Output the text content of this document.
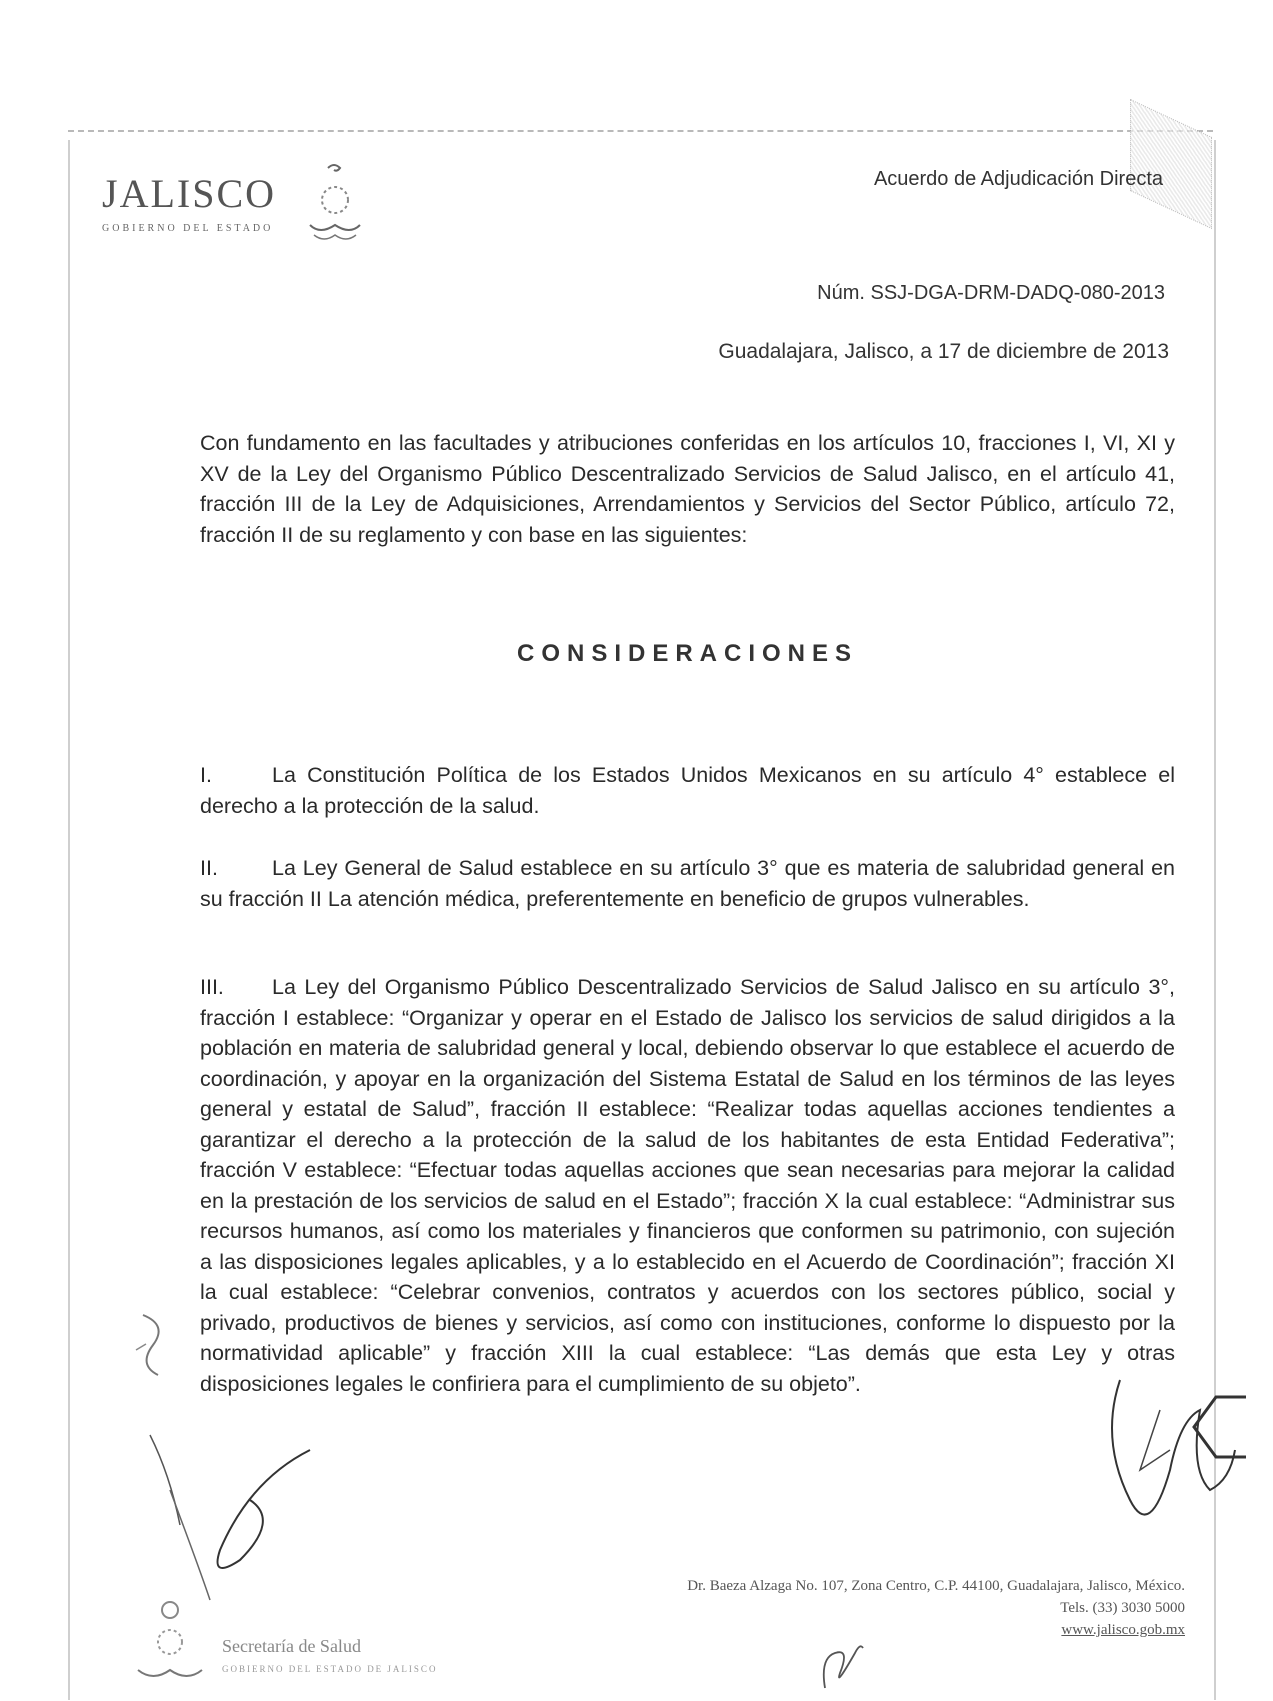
JALISCO
GOBIERNO DEL ESTADO
Acuerdo de Adjudicación Directa
Núm. SSJ-DGA-DRM-DADQ-080-2013
Guadalajara, Jalisco, a 17 de diciembre de 2013
Con fundamento en las facultades y atribuciones conferidas en los artículos 10, fracciones I, VI, XI y XV de la Ley del Organismo Público Descentralizado Servicios de Salud Jalisco, en el artículo 41, fracción III de la Ley de Adquisiciones, Arrendamientos y Servicios del Sector Público, artículo 72, fracción II de su reglamento y con base en las siguientes:
CONSIDERACIONES
I.	La Constitución Política de los Estados Unidos Mexicanos en su artículo 4° establece el derecho a la protección de la salud.
II.	La Ley General de Salud establece en su artículo 3° que es materia de salubridad general en su fracción II La atención médica, preferentemente en beneficio de grupos vulnerables.
III. La Ley del Organismo Público Descentralizado Servicios de Salud Jalisco en su artículo 3°, fracción I establece: “Organizar y operar en el Estado de Jalisco los servicios de salud dirigidos a la población en materia de salubridad general y local, debiendo observar lo que establece el acuerdo de coordinación, y apoyar en la organización del Sistema Estatal de Salud en los términos de las leyes general y estatal de Salud”, fracción II establece: “Realizar todas aquellas acciones tendientes a garantizar el derecho a la protección de la salud de los habitantes de esta Entidad Federativa”; fracción V establece: “Efectuar todas aquellas acciones que sean necesarias para mejorar la calidad en la prestación de los servicios de salud en el Estado”; fracción X la cual establece: “Administrar sus recursos humanos, así como los materiales y financieros que conformen su patrimonio, con sujeción a las disposiciones legales aplicables, y a lo establecido en el Acuerdo de Coordinación”; fracción XI la cual establece: “Celebrar convenios, contratos y acuerdos con los sectores público, social y privado, productivos de bienes y servicios, así como con instituciones, conforme lo dispuesto por la normatividad aplicable” y fracción XIII la cual establece: “Las demás que esta Ley y otras disposiciones legales le confiriera para el cumplimiento de su objeto”.
Dr. Baeza Alzaga No. 107, Zona Centro, C.P. 44100, Guadalajara, Jalisco, México.
Tels. (33) 3030 5000
www.jalisco.gob.mx
Secretaría de Salud
GOBIERNO DEL ESTADO DE JALISCO
